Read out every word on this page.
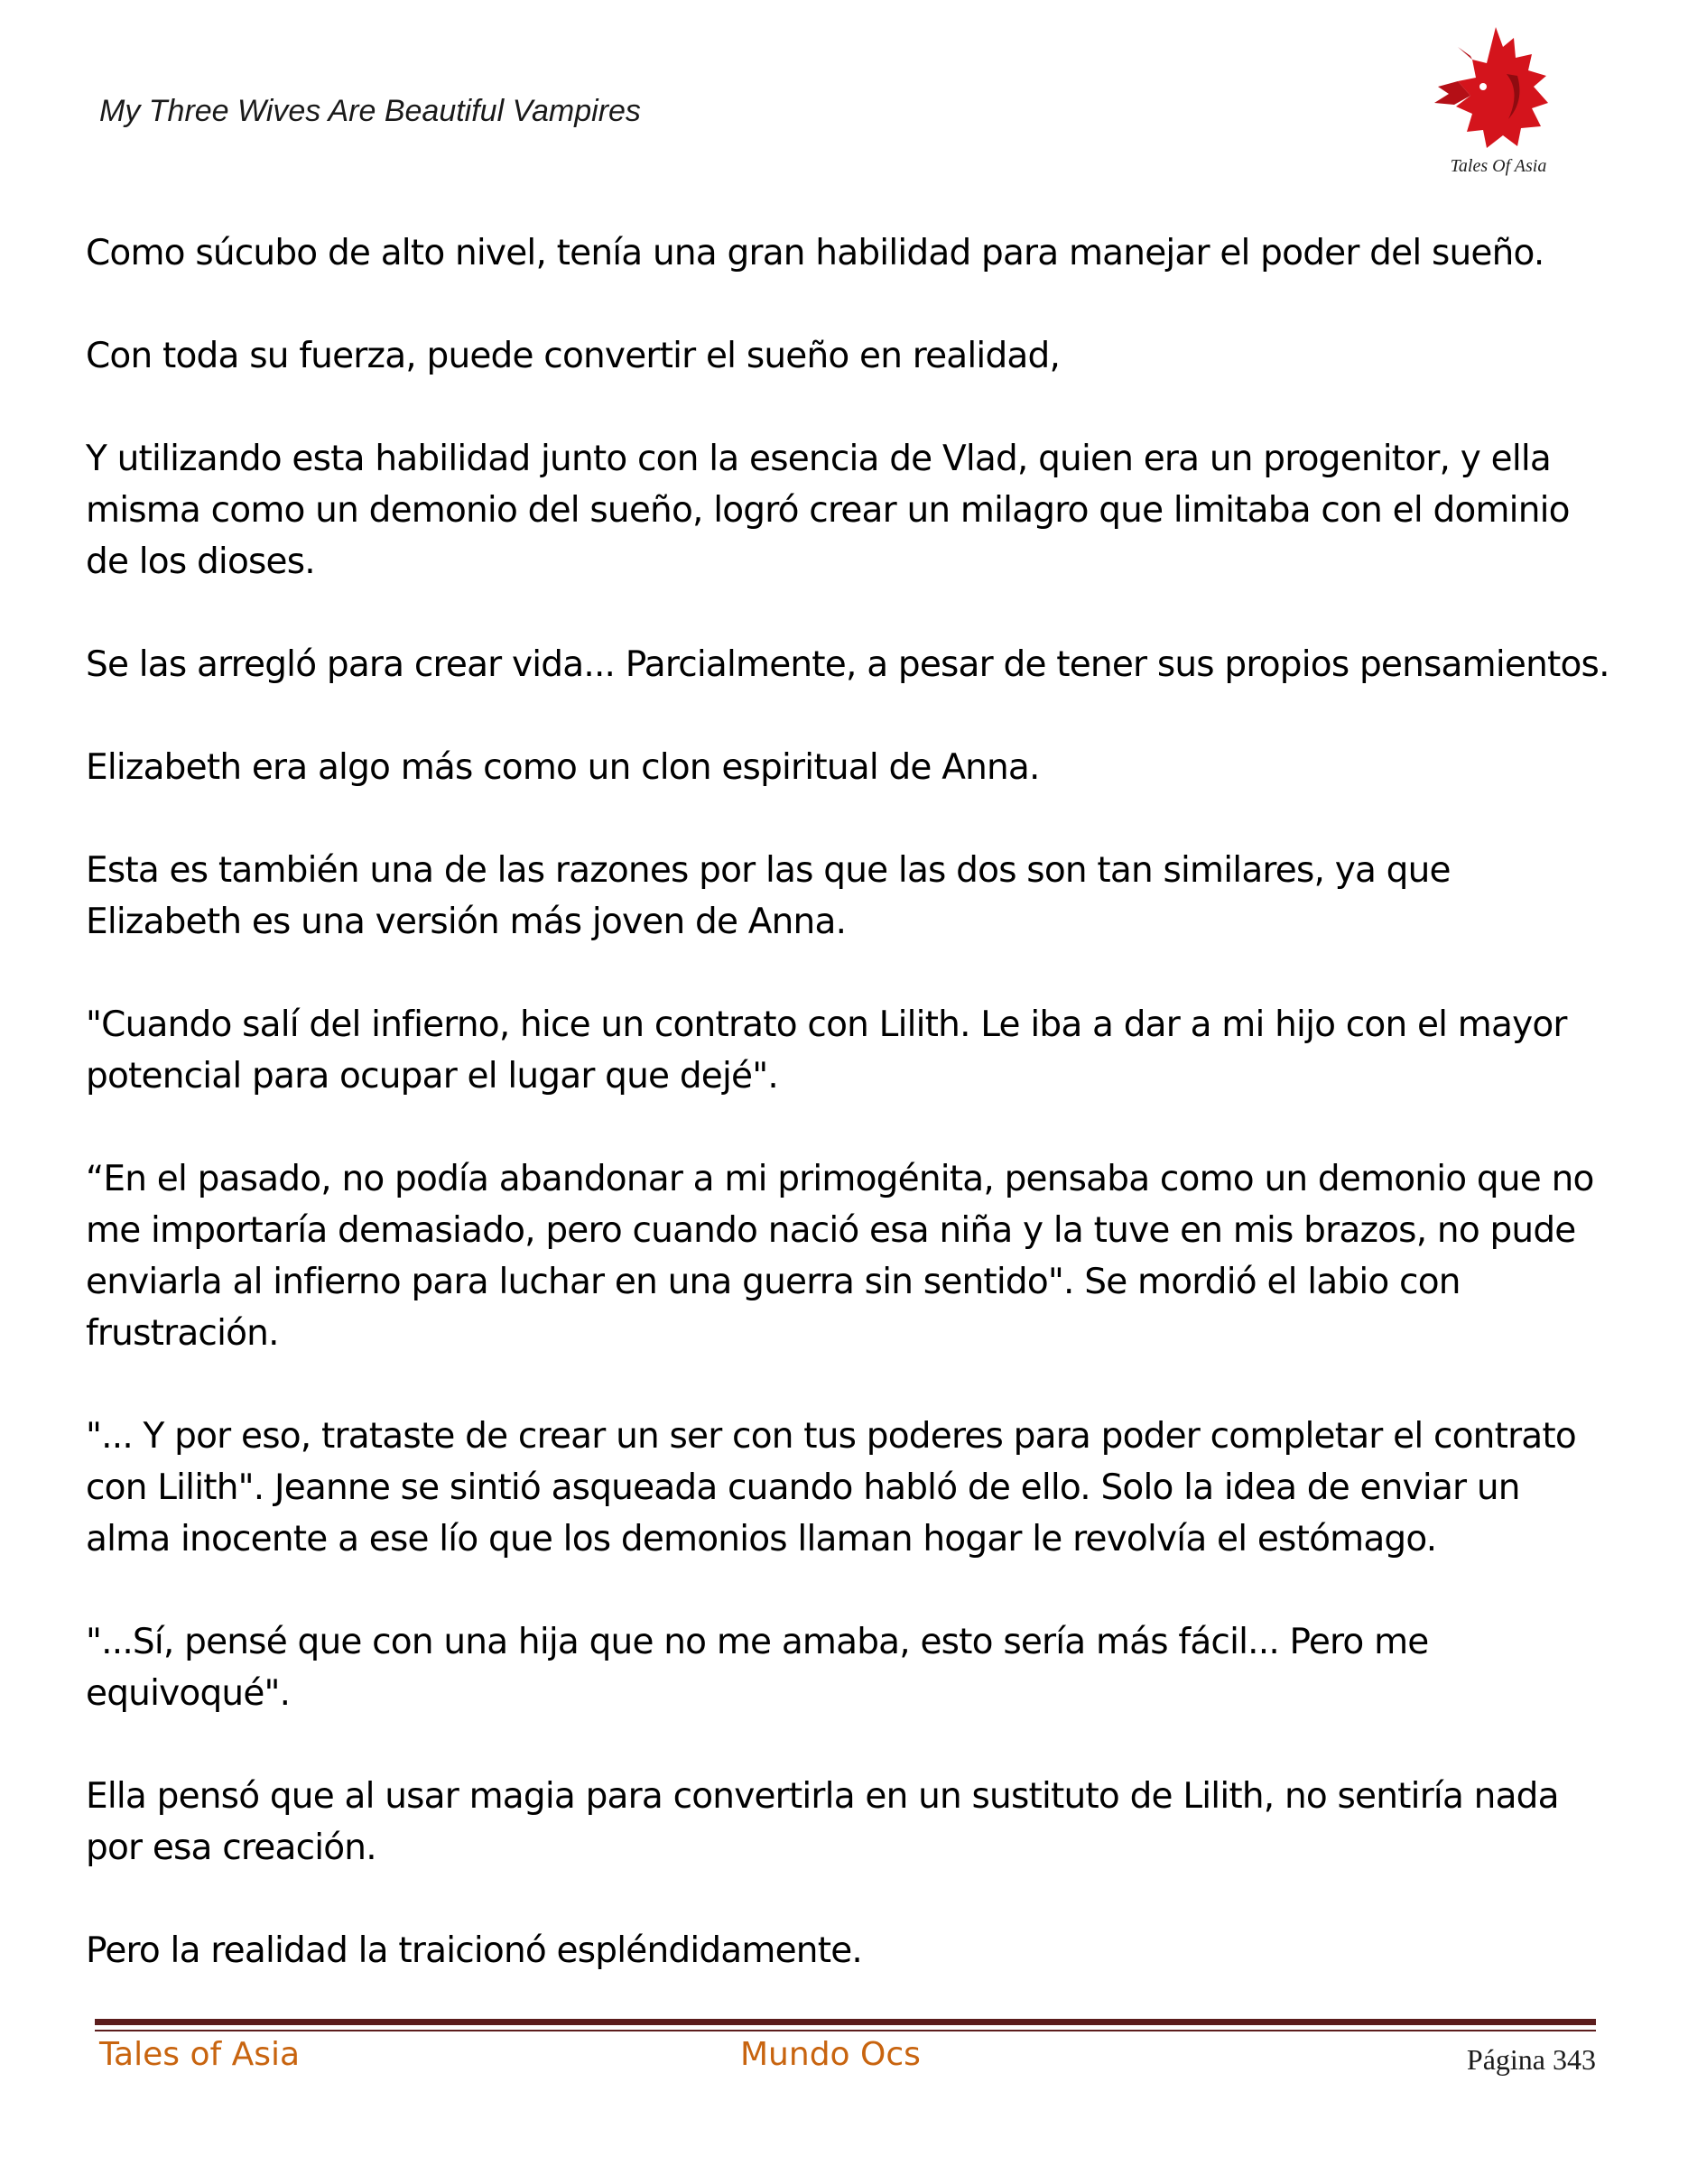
My Three Wives Are Beautiful Vampires
Tales Of Asia

Como súcubo de alto nivel, tenía una gran habilidad para manejar el poder del sueño.

Con toda su fuerza, puede convertir el sueño en realidad,

Y utilizando esta habilidad junto con la esencia de Vlad, quien era un progenitor, y ella misma como un demonio del sueño, logró crear un milagro que limitaba con el dominio de los dioses.

Se las arregló para crear vida... Parcialmente, a pesar de tener sus propios pensamientos.

Elizabeth era algo más como un clon espiritual de Anna.

Esta es también una de las razones por las que las dos son tan similares, ya que Elizabeth es una versión más joven de Anna.

"Cuando salí del infierno, hice un contrato con Lilith. Le iba a dar a mi hijo con el mayor potencial para ocupar el lugar que dejé".

“En el pasado, no podía abandonar a mi primogénita, pensaba como un demonio que no me importaría demasiado, pero cuando nació esa niña y la tuve en mis brazos, no pude enviarla al infierno para luchar en una guerra sin sentido". Se mordió el labio con frustración.

"... Y por eso, trataste de crear un ser con tus poderes para poder completar el contrato con Lilith". Jeanne se sintió asqueada cuando habló de ello. Solo la idea de enviar un alma inocente a ese lío que los demonios llaman hogar le revolvía el estómago.

"...Sí, pensé que con una hija que no me amaba, esto sería más fácil... Pero me equivoqué".

Ella pensó que al usar magia para convertirla en un sustituto de Lilith, no sentiría nada por esa creación.

Pero la realidad la traicionó espléndidamente.

Tales of Asia	Mundo Ocs	Página 343
